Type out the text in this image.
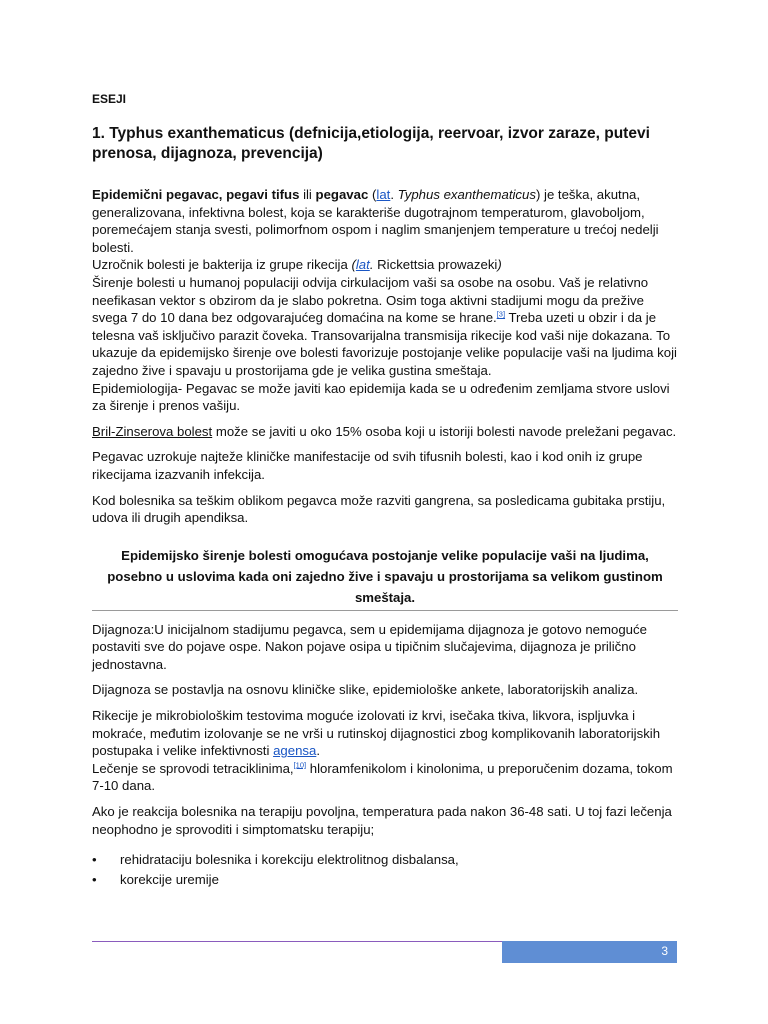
ESEJI
1. Typhus exanthematicus (defnicija,etiologija, reervoar, izvor zaraze, putevi prenosa, dijagnoza, prevencija)

Epidemični pegavac, pegavi tifus ili pegavac (lat. Typhus exanthematicus) je teška, akutna, generalizovana, infektivna bolest, koja se karakteriše dugotrajnom temperaturom, glavoboljom, poremećajem stanja svesti, polimorfnom ospom i naglim smanjenjem temperature u trećoj nedelji bolesti.

Uzročnik bolesti je bakterija iz grupe rikecija (lat. Rickettsia prowazeki)

Širenje bolesti u humanoj populaciji odvija cirkulacijom vaši sa osobe na osobu. Vaš je relativno neefikasan vektor s obzirom da je slabo pokretna. Osim toga aktivni stadijumi mogu da prežive svega 7 do 10 dana bez odgovarajućeg domaćina na kome se hrane.[3] Treba uzeti u obzir i da je telesna vaš isključivo parazit čoveka. Transovarijalna transmisija rikecije kod vaši nije dokazana. To ukazuje da epidemijsko širenje ove bolesti favorizuje postojanje velike populacije vaši na ljudima koji zajedno žive i spavaju u prostorijama gde je velika gustina smeštaja.

Epidemiologija- Pegavac se može javiti kao epidemija kada se u određenim zemljama stvore uslovi za širenje i prenos vašiju.

Bril-Zinserova bolest može se javiti u oko 15% osoba koji u istoriji bolesti navode preležani pegavac.

Pegavac uzrokuje najteže kliničke manifestacije od svih tifusnih bolesti, kao i kod onih iz grupe rikecijama izazvanih infekcija.

Kod bolesnika sa teškim oblikom pegavca može razviti gangrena, sa posledicama gubitaka prstiju, udova ili drugih apendiksa.

Epidemijsko širenje bolesti omogućava postojanje velike populacije vaši na ljudima, posebno u uslovima kada oni zajedno žive i spavaju u prostorijama sa velikom gustinom smeštaja.

Dijagnoza:U inicijalnom stadijumu pegavca, sem u epidemijama dijagnoza je gotovo nemoguće postaviti sve do pojave ospe. Nakon pojave osipa u tipičnim slučajevima, dijagnoza je prilično jednostavna.

Dijagnoza se postavlja na osnovu kliničke slike, epidemiološke ankete, laboratorijskih analiza.

Rikecije je mikrobiološkim testovima moguće izolovati iz krvi, isečaka tkiva, likvora, ispljuvka i mokraće, međutim izolovanje se ne vrši u rutinskoj dijagnostici zbog komplikovanih laboratorijskih postupaka i velike infektivnosti agensa.

Lečenje se sprovodi tetraciklinima,[10] hloramfenikolom i kinolonima, u preporučenim dozama, tokom 7-10 dana.

Ako je reakcija bolesnika na terapiju povoljna, temperatura pada nakon 36-48 sati. U toj fazi lečenja neophodno je sprovoditi i simptomatsku terapiju;

• rehidrataciju bolesnika i korekciju elektrolitnog disbalansa,
• korekcije uremije
3
